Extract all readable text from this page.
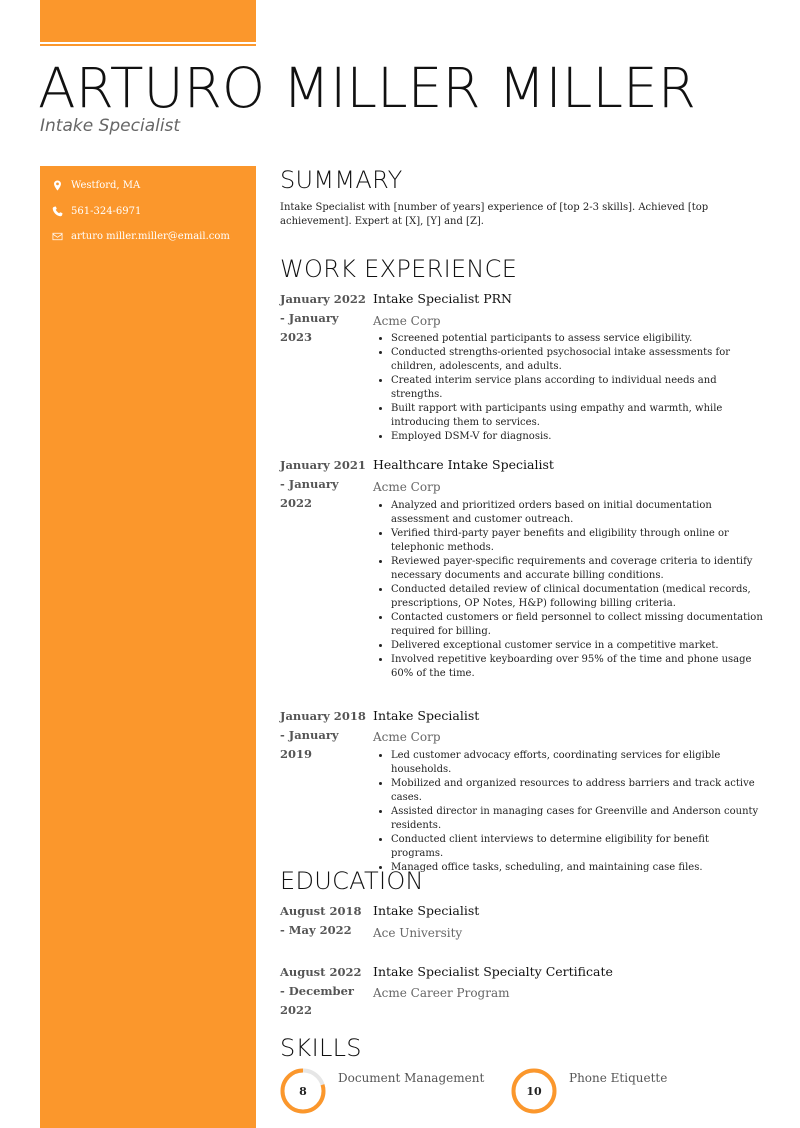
ARTURO MILLER MILLER
Intake Specialist
Westford, MA
561-324-6971
arturo miller.miller@email.com
SUMMARY
Intake Specialist with [number of years] experience of [top 2-3 skills]. Achieved [top achievement]. Expert at [X], [Y] and [Z].
WORK EXPERIENCE
January 2022 - January 2023
Intake Specialist PRN
Acme Corp
• Screened potential participants to assess service eligibility.
• Conducted strengths-oriented psychosocial intake assessments for children, adolescents, and adults.
• Created interim service plans according to individual needs and strengths.
• Built rapport with participants using empathy and warmth, while introducing them to services.
• Employed DSM-V for diagnosis.
January 2021 - January 2022
Healthcare Intake Specialist
Acme Corp
• Analyzed and prioritized orders based on initial documentation assessment and customer outreach.
• Verified third-party payer benefits and eligibility through online or telephonic methods.
• Reviewed payer-specific requirements and coverage criteria to identify necessary documents and accurate billing conditions.
• Conducted detailed review of clinical documentation (medical records, prescriptions, OP Notes, H&P) following billing criteria.
• Contacted customers or field personnel to collect missing documentation required for billing.
• Delivered exceptional customer service in a competitive market.
• Involved repetitive keyboarding over 95% of the time and phone usage 60% of the time.
January 2018 - January 2019
Intake Specialist
Acme Corp
• Led customer advocacy efforts, coordinating services for eligible households.
• Mobilized and organized resources to address barriers and track active cases.
• Assisted director in managing cases for Greenville and Anderson county residents.
• Conducted client interviews to determine eligibility for benefit programs.
• Managed office tasks, scheduling, and maintaining case files.
EDUCATION
August 2018 - May 2022
Intake Specialist
Ace University
August 2022 - December 2022
Intake Specialist Specialty Certificate
Acme Career Program
SKILLS
8
Document Management
10
Phone Etiquette
